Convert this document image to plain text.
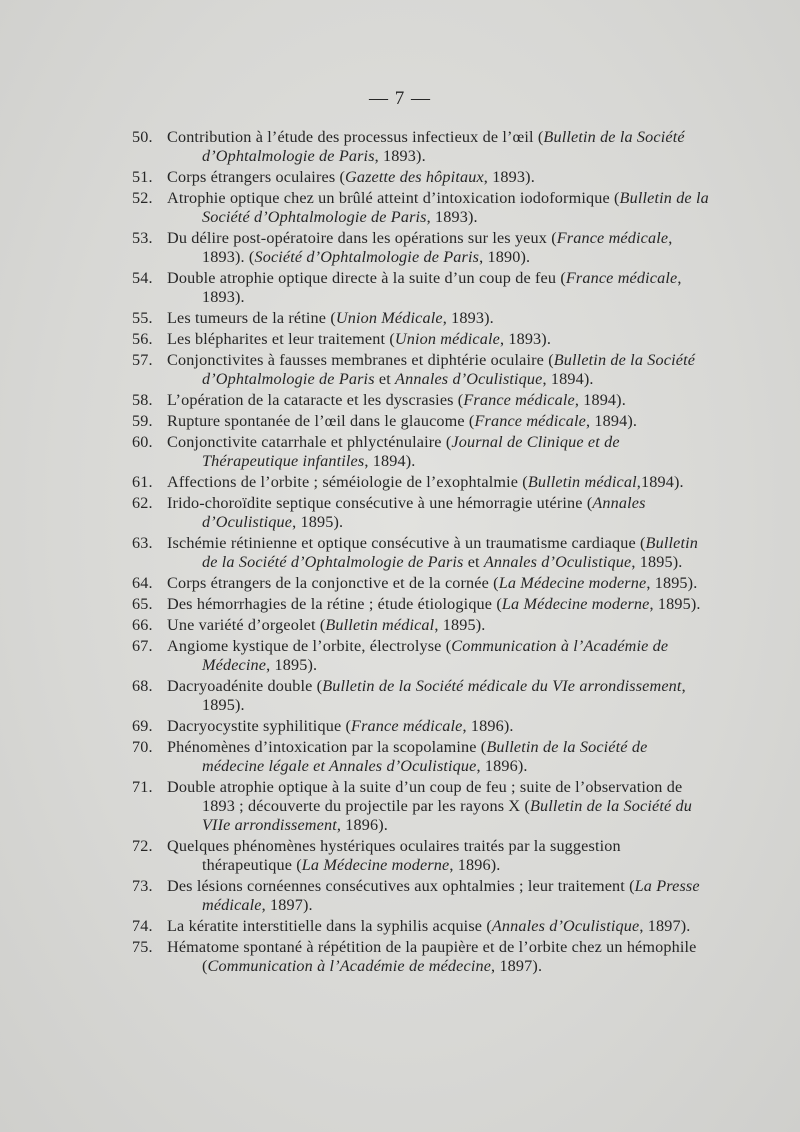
— 7 —
50. Contribution à l’étude des processus infectieux de l’œil (Bulletin de la Société d’Ophtalmologie de Paris, 1893).
51. Corps étrangers oculaires (Gazette des hôpitaux, 1893).
52. Atrophie optique chez un brûlé atteint d’intoxication iodoformique (Bulletin de la Société d’Ophtalmologie de Paris, 1893).
53. Du délire post-opératoire dans les opérations sur les yeux (France médicale, 1893). (Société d’Ophtalmologie de Paris, 1890).
54. Double atrophie optique directe à la suite d’un coup de feu (France médicale, 1893).
55. Les tumeurs de la rétine (Union Médicale, 1893).
56. Les blépharites et leur traitement (Union médicale, 1893).
57. Conjonctivites à fausses membranes et diphtérie oculaire (Bulletin de la Société d’Ophtalmologie de Paris et Annales d’Oculistique, 1894).
58. L’opération de la cataracte et les dyscrasies (France médicale, 1894).
59. Rupture spontanée de l’œil dans le glaucome (France médicale, 1894).
60. Conjonctivite catarrhale et phlycténulaire (Journal de Clinique et de Thérapeutique infantiles, 1894).
61. Affections de l’orbite ; séméiologie de l’exophtalmie (Bulletin médical,1894).
62. Irido-choroïdite septique consécutive à une hémorragie utérine (Annales d’Oculistique, 1895).
63. Ischémie rétinienne et optique consécutive à un traumatisme cardiaque (Bulletin de la Société d’Ophtalmologie de Paris et Annales d’Oculistique, 1895).
64. Corps étrangers de la conjonctive et de la cornée (La Médecine moderne, 1895).
65. Des hémorrhagies de la rétine ; étude étiologique (La Médecine moderne, 1895).
66. Une variété d’orgeolet (Bulletin médical, 1895).
67. Angiome kystique de l’orbite, électrolyse (Communication à l’Académie de Médecine, 1895).
68. Dacryoadénite double (Bulletin de la Société médicale du VIe arrondissement, 1895).
69. Dacryocystite syphilitique (France médicale, 1896).
70. Phénomènes d’intoxication par la scopolamine (Bulletin de la Société de médecine légale et Annales d’Oculistique, 1896).
71. Double atrophie optique à la suite d’un coup de feu ; suite de l’observation de 1893 ; découverte du projectile par les rayons X (Bulletin de la Société du VIIe arrondissement, 1896).
72. Quelques phénomènes hystériques oculaires traités par la suggestion thérapeutique (La Médecine moderne, 1896).
73. Des lésions cornéennes consécutives aux ophtalmies ; leur traitement (La Presse médicale, 1897).
74. La kératite interstitielle dans la syphilis acquise (Annales d’Oculistique, 1897).
75. Hématome spontané à répétition de la paupière et de l’orbite chez un hémophile (Communication à l’Académie de médecine, 1897).
